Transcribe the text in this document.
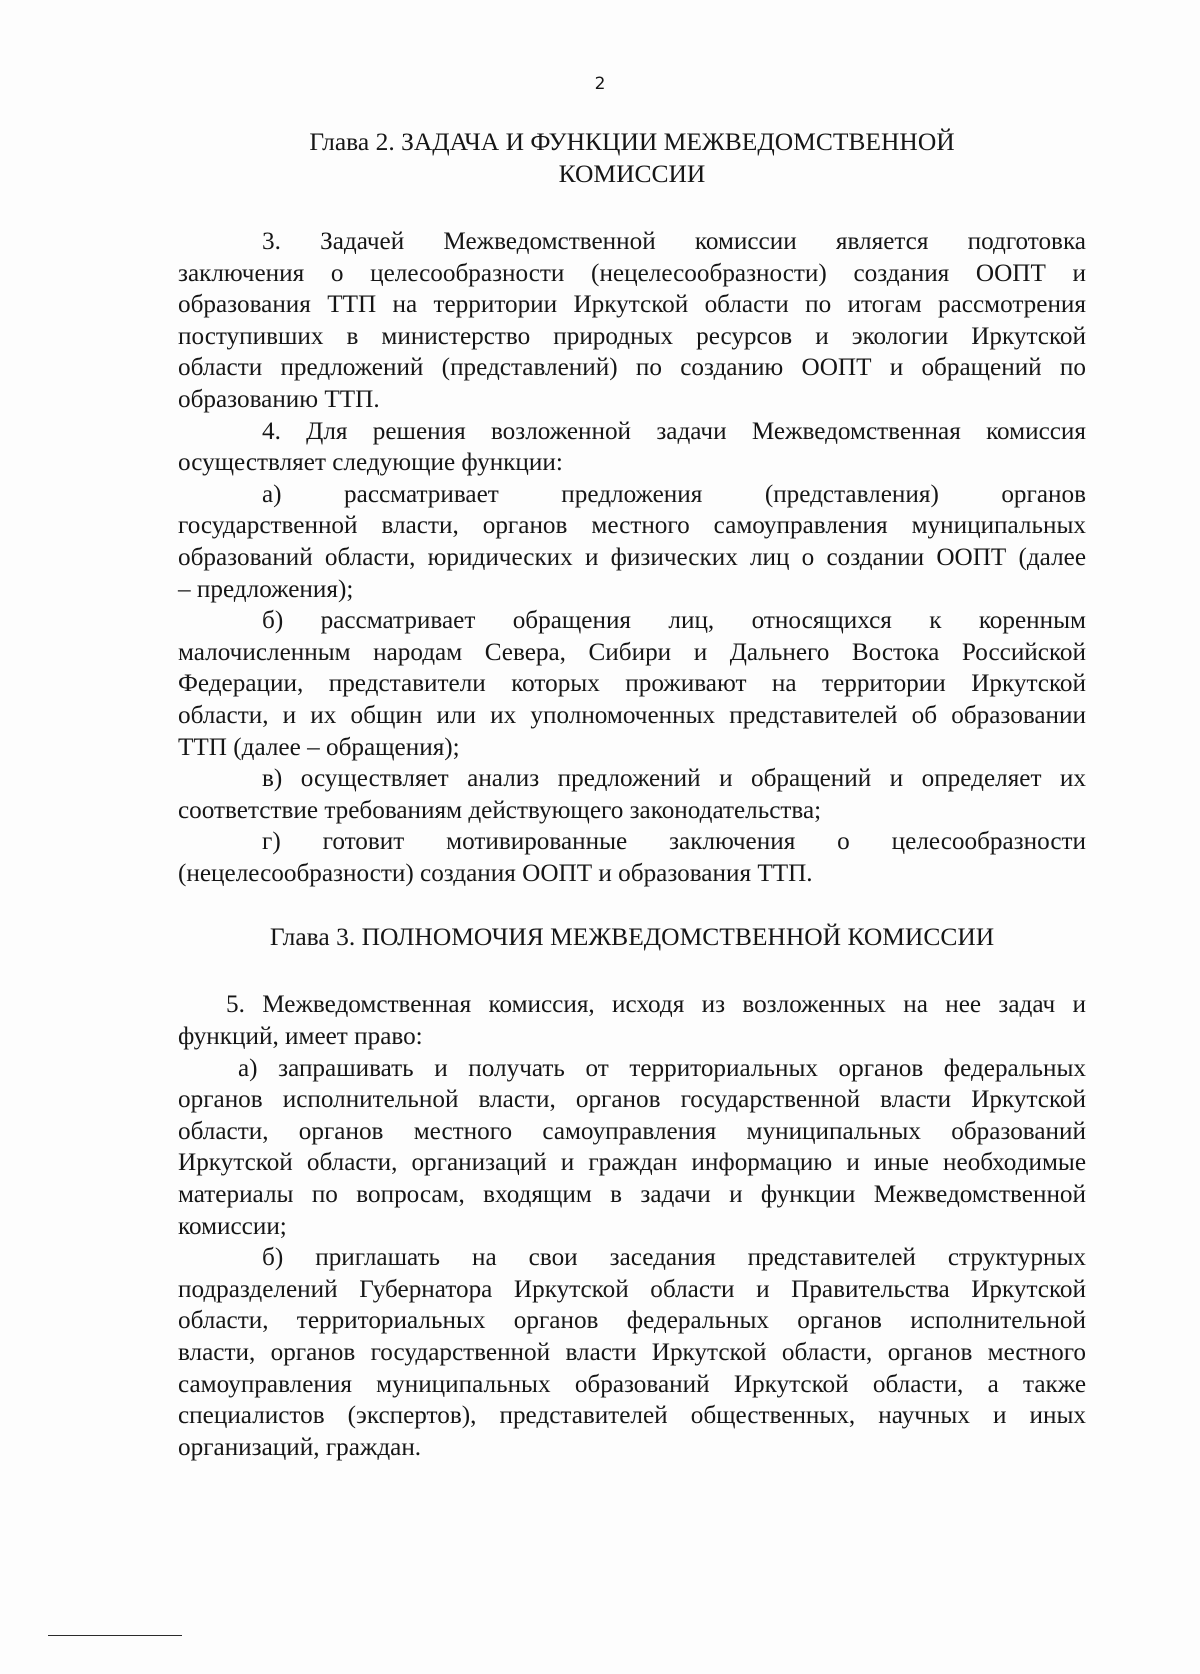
2
Глава 2. ЗАДАЧА И ФУНКЦИИ МЕЖВЕДОМСТВЕННОЙ
КОМИССИИ
3. Задачей Межведомственной комиссии является подготовка
заключения о целесообразности (нецелесообразности) создания ООПТ и
образования ТТП на территории Иркутской области по итогам рассмотрения
поступивших в министерство природных ресурсов и экологии Иркутской
области предложений (представлений) по созданию ООПТ и обращений по
образованию ТТП.
4. Для решения возложенной задачи Межведомственная комиссия
осуществляет следующие функции:
а) рассматривает предложения (представления) органов
государственной власти, органов местного самоуправления муниципальных
образований области, юридических и физических лиц о создании ООПТ (далее
– предложения);
б) рассматривает обращения лиц, относящихся к коренным
малочисленным народам Севера, Сибири и Дальнего Востока Российской
Федерации, представители которых проживают на территории Иркутской
области, и их общин или их уполномоченных представителей об образовании
ТТП (далее – обращения);
в) осуществляет анализ предложений и обращений и определяет их
соответствие требованиям действующего законодательства;
г) готовит мотивированные заключения о целесообразности
(нецелесообразности) создания ООПТ и образования ТТП.
Глава 3. ПОЛНОМОЧИЯ МЕЖВЕДОМСТВЕННОЙ КОМИССИИ
5. Межведомственная комиссия, исходя из возложенных на нее задач и
функций, имеет право:
а) запрашивать и получать от территориальных органов федеральных
органов исполнительной власти, органов государственной власти Иркутской
области, органов местного самоуправления муниципальных образований
Иркутской области, организаций и граждан информацию и иные необходимые
материалы по вопросам, входящим в задачи и функции Межведомственной
комиссии;
б) приглашать на свои заседания представителей структурных
подразделений Губернатора Иркутской области и Правительства Иркутской
области, территориальных органов федеральных органов исполнительной
власти, органов государственной власти Иркутской области, органов местного
самоуправления муниципальных образований Иркутской области, а также
специалистов (экспертов), представителей общественных, научных и иных
организаций, граждан.
